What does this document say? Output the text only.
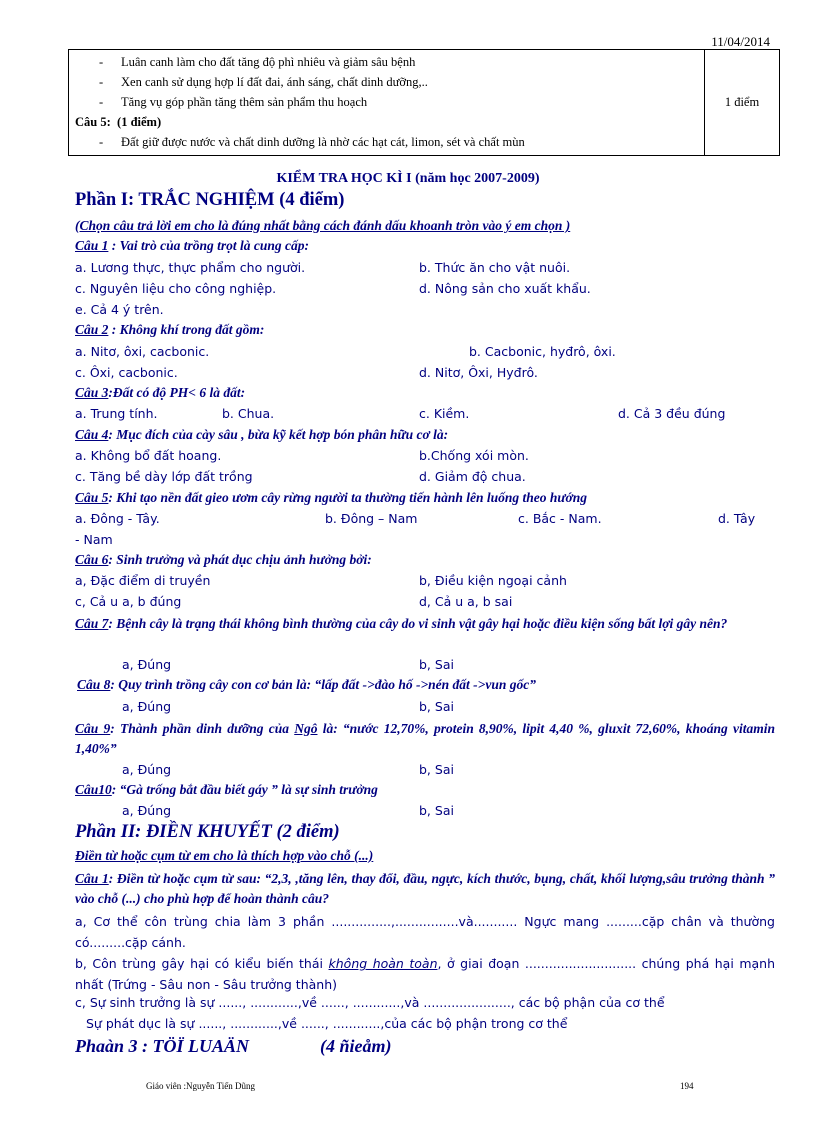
11/04/2014
- Luân canh làm cho đất tăng độ phì nhiêu và giảm sâu bệnh
- Xen canh sử dụng hợp lí đất đai, ánh sáng, chất dinh dưỡng,..
- Tăng vụ góp phần tăng thêm sản phẩm thu hoạch
Câu 5: (1 điểm)
- Đất giữ được nước và chất dinh dưỡng là nhờ các hạt cát, limon, sét và chất mùn
	1 điểm
KIỂM TRA HỌC KÌ I (năm học 2007-2009)
Phần I: TRẮC NGHIỆM (4 điểm)
(Chọn câu trả lời em cho là đúng nhất bằng cách đánh dấu khoanh tròn vào ý em chọn )
Câu 1 : Vai trò của trồng trọt là cung cấp:
a. Lương thực, thực phẩm cho người.	b. Thức ăn cho vật nuôi.
c. Nguyên liệu cho công nghiệp.	d. Nông sản cho xuất khẩu.
e. Cả 4 ý trên.
Câu 2 : Không khí trong đất gồm:
a. Nitơ, ôxi, cacbonic.	b. Cacbonic, hyđrô, ôxi.
c. Ôxi, cacbonic.	d. Nitơ, Ôxi, Hyđrô.
Câu 3:Đất có độ PH< 6 là đất:
a. Trung tính.	b. Chua.	c. Kiềm.	d. Cả 3 đều đúng
Câu 4: Mục đích của cày sâu , bừa kỹ kết hợp bón phân hữu cơ là:
a. Không bổ đất hoang.	b.Chống xói mòn.
c. Tăng bề dày lớp đất trồng	d. Giảm độ chua.
Câu 5: Khi tạo nền đất gieo ươm cây rừng người ta thường tiến hành lên luống theo hướng
a. Đông - Tây.	b. Đông – Nam	c. Bắc - Nam.	d. Tây
- Nam
Câu 6: Sinh trưởng và phát dục chịu ảnh hưởng bởi:
a, Đặc điểm di truyền	b, Điều kiện ngoại cảnh
c, Cả u a, b đúng	d, Cả u a, b sai
Câu 7: Bệnh cây là trạng thái không bình thường của cây do vi sinh vật gây hại hoặc điều kiện sống bất lợi gây nên?
a, Đúng	b, Sai
Câu 8: Quy trình trồng cây con cơ bản là: “lấp đất ->đào hố ->nén đất ->vun gốc”
a, Đúng	b, Sai
Câu 9: Thành phần dinh dưỡng của Ngô là: “nước 12,70%, protein 8,90%, lipit 4,40 %, gluxit 72,60%, khoáng vitamin 1,40%”
a, Đúng	b, Sai
Câu10: “Gà trống bắt đầu biết gáy ” là sự sinh trưởng
a, Đúng	b, Sai
Phần II: ĐIỀN KHUYẾT (2 điểm)
Điền từ hoặc cụm từ em cho là thích hợp vào chỗ (...)
Câu 1: Điền từ hoặc cụm từ sau: “2,3, ,tăng lên, thay đổi, đầu, ngực, kích thước, bụng, chất, khối lượng,sâu trưởng thành ” vào chỗ (...) cho phù hợp để hoàn thành câu?
a, Cơ thể côn trùng chia làm 3 phần ...............,................và........... Ngực mang .........cặp chân và thường có.........cặp cánh.
b, Côn trùng gây hại có kiểu biến thái không hoàn toàn, ở giai đoạn ............................ chúng phá hại mạnh nhất (Trứng - Sâu non - Sâu trưởng thành)
c, Sự sinh trưởng là sự ......, ............,về ......, ............,và ......................, các bộ phận của cơ thể
Sự phát dục là sự ......, ............,về ......, ............,của các bộ phận trong cơ thể
Phaàn 3 : TÖÏ LUAÄN	(4 ñieåm)
Giáo viên :Nguyễn Tiến Dũng	194
